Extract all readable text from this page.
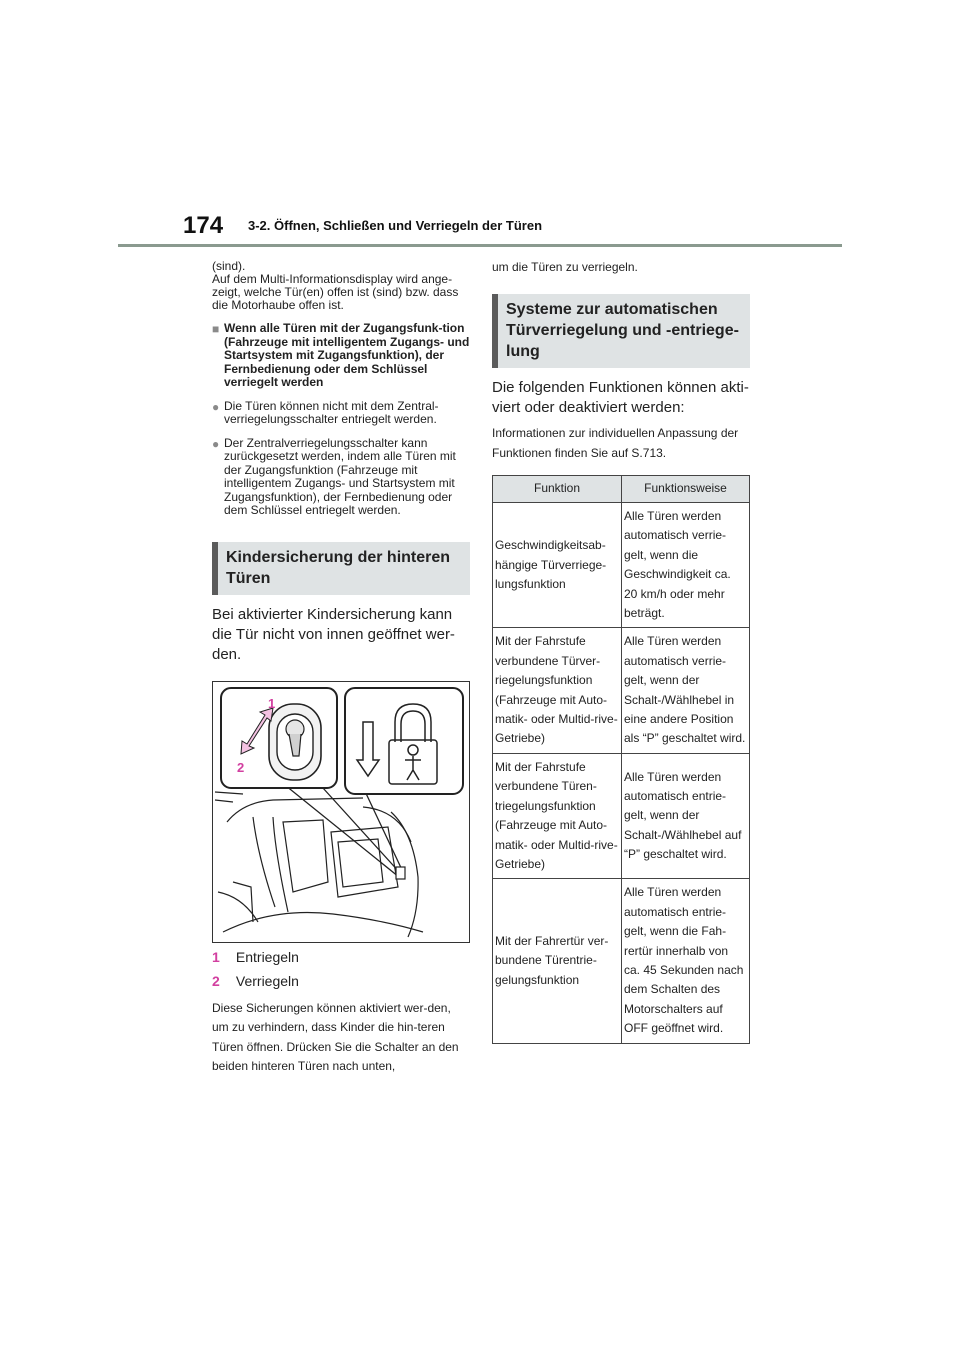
174 3-2. Öffnen, Schließen und Verriegeln der Türen

(sind).

Auf dem Multi-Informationsdisplay wird ange-zeigt, welche Tür(en) offen ist (sind) bzw. dass die Motorhaube offen ist.

■ Wenn alle Türen mit der Zugangsfunk-tion (Fahrzeuge mit intelligentem Zugangs- und Startsystem mit Zugangsfunktion), der Fernbedienung oder dem Schlüssel verriegelt werden
● Die Türen können nicht mit dem Zentral-verriegelungsschalter entriegelt werden.
● Der Zentralverriegelungsschalter kann zurückgesetzt werden, indem alle Türen mit der Zugangsfunktion (Fahrzeuge mit intelligentem Zugangs- und Startsystem mit Zugangsfunktion), der Fernbedienung oder dem Schlüssel entriegelt werden.
Kindersicherung der hinteren Türen

Bei aktivierter Kindersicherung kann die Tür nicht von innen geöffnet wer-den.

1
2
1 Entriegeln
2 Verriegeln

Diese Sicherungen können aktiviert wer-den, um zu verhindern, dass Kinder die hin-teren Türen öffnen. Drücken Sie die Schalter an den beiden hinteren Türen nach unten,

um die Türen zu verriegeln.

Systeme zur automatischen Türverriegelung und -entriege-lung

Die folgenden Funktionen können akti-viert oder deaktiviert werden:

Informationen zur individuellen Anpassung der Funktionen finden Sie auf S.713.

Funktion	Funktionsweise
Geschwindigkeitsab-hängige Türverriege-lungsfunktion	Alle Türen werden automatisch verrie-gelt, wenn die Geschwindigkeit ca. 20 km/h oder mehr beträgt.
Mit der Fahrstufe verbundene Türver-riegelungsfunktion (Fahrzeuge mit Auto-matik- oder Multid-rive-Getriebe)	Alle Türen werden automatisch verrie-gelt, wenn der Schalt-/Wählhebel in eine andere Position als “P” geschaltet wird.
Mit der Fahrstufe verbundene Türen-triegelungsfunktion (Fahrzeuge mit Auto-matik- oder Multid-rive-Getriebe)	Alle Türen werden automatisch entrie-gelt, wenn der Schalt-/Wählhebel auf “P” geschaltet wird.
Mit der Fahrertür ver-bundene Türentrie-gelungsfunktion	Alle Türen werden automatisch entrie-gelt, wenn die Fah-rertür innerhalb von ca. 45 Sekunden nach dem Schalten des Motorschalters auf OFF geöffnet wird.
